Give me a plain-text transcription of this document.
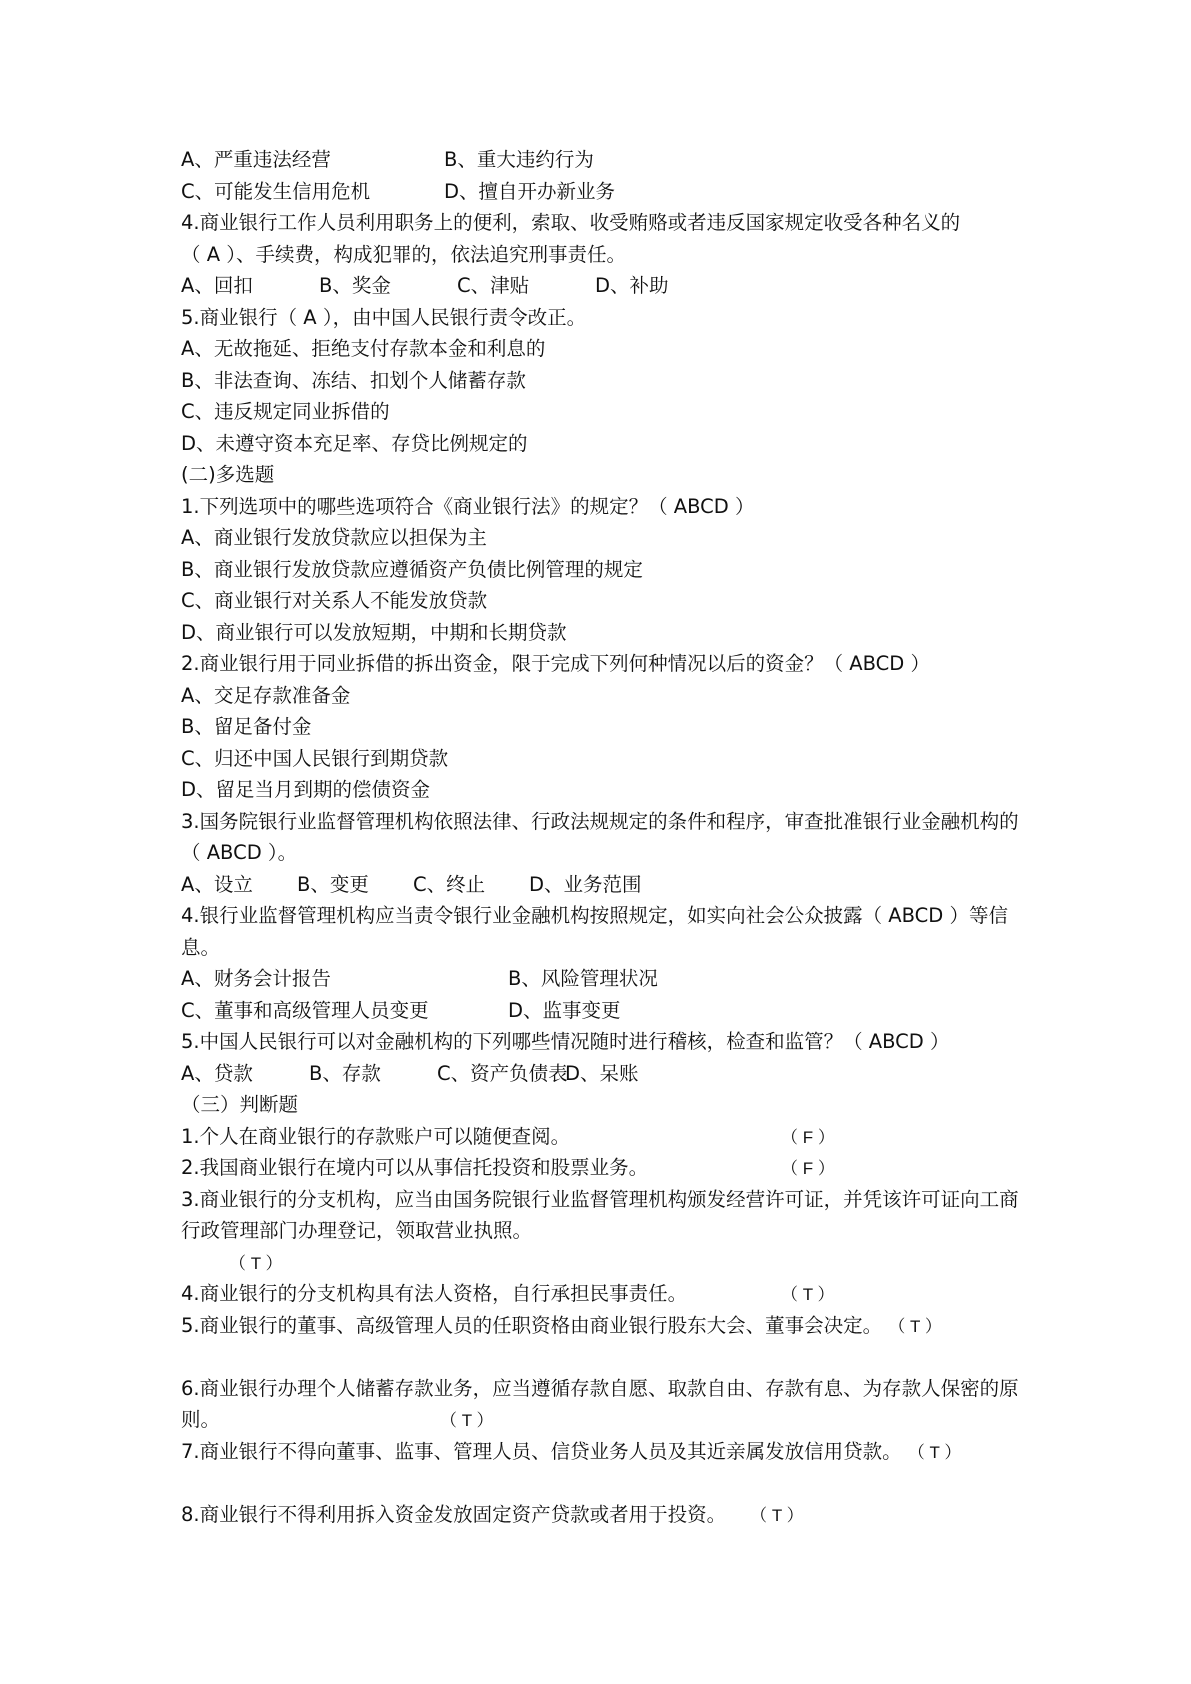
A、严重违法经营	B、重大违约行为
C、可能发生信用危机	D、擅自开办新业务
4.商业银行工作人员利用职务上的便利，索取、收受贿赂或者违反国家规定收受各种名义的
（ A ）、手续费，构成犯罪的，依法追究刑事责任。
A、回扣	B、奖金	C、津贴	D、补助
5.商业银行（ A ），由中国人民银行责令改正。
A、无故拖延、拒绝支付存款本金和利息的
B、非法查询、冻结、扣划个人储蓄存款
C、违反规定同业拆借的
D、未遵守资本充足率、存贷比例规定的
(二)多选题
1.下列选项中的哪些选项符合《商业银行法》的规定？（ ABCD ）
A、商业银行发放贷款应以担保为主
B、商业银行发放贷款应遵循资产负债比例管理的规定
C、商业银行对关系人不能发放贷款
D、商业银行可以发放短期，中期和长期贷款
2.商业银行用于同业拆借的拆出资金，限于完成下列何种情况以后的资金？（ ABCD ）
A、交足存款准备金
B、留足备付金
C、归还中国人民银行到期贷款
D、留足当月到期的偿债资金
3.国务院银行业监督管理机构依照法律、行政法规规定的条件和程序，审查批准银行业金融机构的（ ABCD ）。
A、设立 B、变更 C、终止 D、业务范围
4.银行业监督管理机构应当责令银行业金融机构按照规定，如实向社会公众披露（ ABCD ）等信息。
A、财务会计报告	B、风险管理状况
C、董事和高级管理人员变更	D、监事变更
5.中国人民银行可以对金融机构的下列哪些情况随时进行稽核，检查和监管？（ ABCD ）
A、贷款	B、存款	C、资产负债表D、呆账
（三）判断题
1.个人在商业银行的存款账户可以随便查阅。	（ F ）
2.我国商业银行在境内可以从事信托投资和股票业务。	（ F ）
3.商业银行的分支机构，应当由国务院银行业监督管理机构颁发经营许可证，并凭该许可证向工商行政管理部门办理登记，领取营业执照。
（ T ）
4.商业银行的分支机构具有法人资格，自行承担民事责任。	（ T ）
5.商业银行的董事、高级管理人员的任职资格由商业银行股东大会、董事会决定。 （ T ）
6.商业银行办理个人储蓄存款业务，应当遵循存款自愿、取款自由、存款有息、为存款人保密的原则。	（ T ）
7.商业银行不得向董事、监事、管理人员、信贷业务人员及其近亲属发放信用贷款。 （ T ）
8.商业银行不得利用拆入资金发放固定资产贷款或者用于投资。 （ T ）
